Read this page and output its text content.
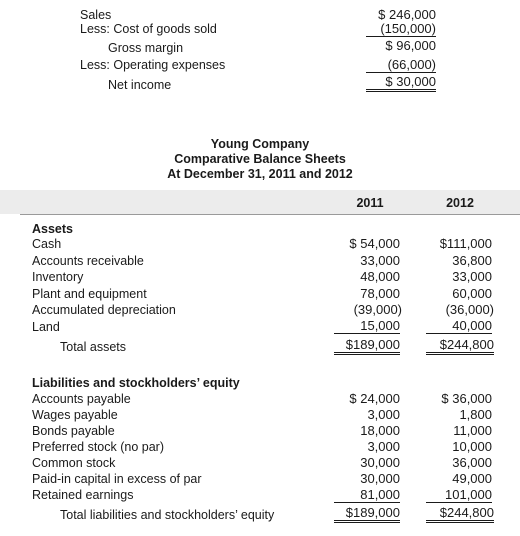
Sales	$ 246,000
Less: Cost of goods sold	(150,000)
Gross margin	$ 96,000
Less: Operating expenses	(66,000)
Net income	$ 30,000
Young Company
Comparative Balance Sheets
At December 31, 2011 and 2012
2011	2012
Assets
Cash	$ 54,000	$111,000
Accounts receivable	33,000	36,800
Inventory	48,000	33,000
Plant and equipment	78,000	60,000
Accumulated depreciation	(39,000)	(36,000)
Land	15,000	40,000
Total assets	$189,000	$244,800
Liabilities and stockholders’ equity
Accounts payable	$ 24,000	$ 36,000
Wages payable	3,000	1,800
Bonds payable	18,000	11,000
Preferred stock (no par)	3,000	10,000
Common stock	30,000	36,000
Paid-in capital in excess of par	30,000	49,000
Retained earnings	81,000	101,000
Total liabilities and stockholders’ equity	$189,000	$244,800
